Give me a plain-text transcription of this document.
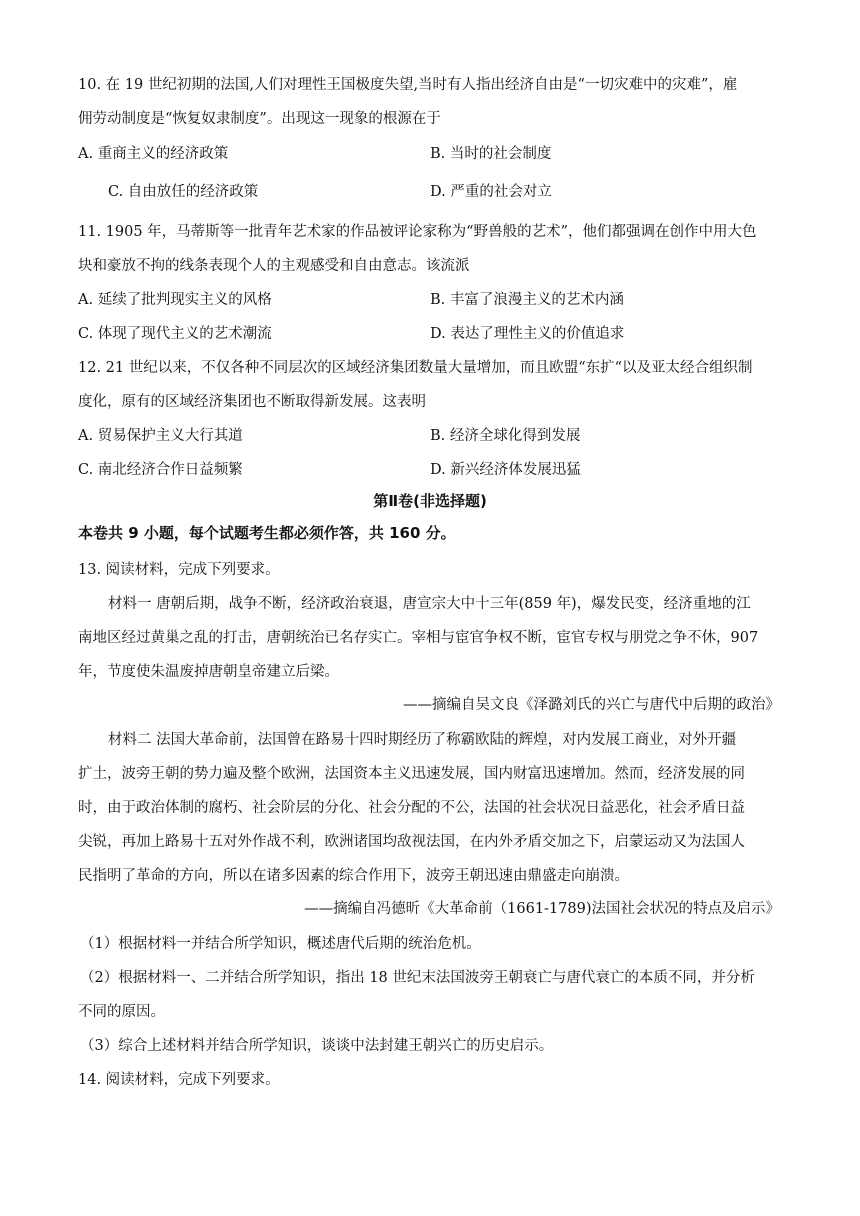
10. 在 19 世纪初期的法国,人们对理性王国极度失望,当时有人指出经济自由是“一切灾难中的灾难”，雇
佣劳动制度是“恢复奴隶制度”。出现这一现象的根源在于
A. 重商主义的经济政策	B. 当时的社会制度
C. 自由放任的经济政策	D. 严重的社会对立
11. 1905 年，马蒂斯等一批青年艺术家的作品被评论家称为“野兽般的艺术”，他们都强调在创作中用大色
块和豪放不拘的线条表现个人的主观感受和自由意志。该流派
A. 延续了批判现实主义的风格	B. 丰富了浪漫主义的艺术内涵
C. 体现了现代主义的艺术潮流	D. 表达了理性主义的价值追求
12. 21 世纪以来，不仅各种不同层次的区域经济集团数量大量增加，而且欧盟“东扩“以及亚太经合组织制
度化，原有的区域经济集团也不断取得新发展。这表明
A. 贸易保护主义大行其道	B. 经济全球化得到发展
C. 南北经济合作日益频繁	D. 新兴经济体发展迅猛
第Ⅱ卷(非选择题)
本卷共 9 小题，每个试题考生都必须作答，共 160 分。
13. 阅读材料，完成下列要求。
材料一 唐朝后期，战争不断，经济政治衰退，唐宣宗大中十三年(859 年)，爆发民变，经济重地的江
南地区经过黄巢之乱的打击，唐朝统治已名存实亡。宰相与宦官争权不断，宦官专权与朋党之争不休，907
年，节度使朱温废掉唐朝皇帝建立后梁。
——摘编自吴文良《泽潞刘氏的兴亡与唐代中后期的政治》
材料二 法国大革命前，法国曾在路易十四时期经历了称霸欧陆的辉煌，对内发展工商业，对外开疆
扩土，波旁王朝的势力遍及整个欧洲，法国资本主义迅速发展，国内财富迅速增加。然而，经济发展的同
时，由于政治体制的腐朽、社会阶层的分化、社会分配的不公，法国的社会状况日益恶化，社会矛盾日益
尖锐，再加上路易十五对外作战不利，欧洲诸国均敌视法国，在内外矛盾交加之下，启蒙运动又为法国人
民指明了革命的方向，所以在诸多因素的综合作用下，波旁王朝迅速由鼎盛走向崩溃。
——摘编自冯德昕《大革命前（1661-1789)法国社会状况的特点及启示》
（1）根据材料一并结合所学知识，概述唐代后期的统治危机。
（2）根据材料一、二并结合所学知识，指出 18 世纪末法国波旁王朝衰亡与唐代衰亡的本质不同，并分析
不同的原因。
（3）综合上述材料并结合所学知识，谈谈中法封建王朝兴亡的历史启示。
14. 阅读材料，完成下列要求。
